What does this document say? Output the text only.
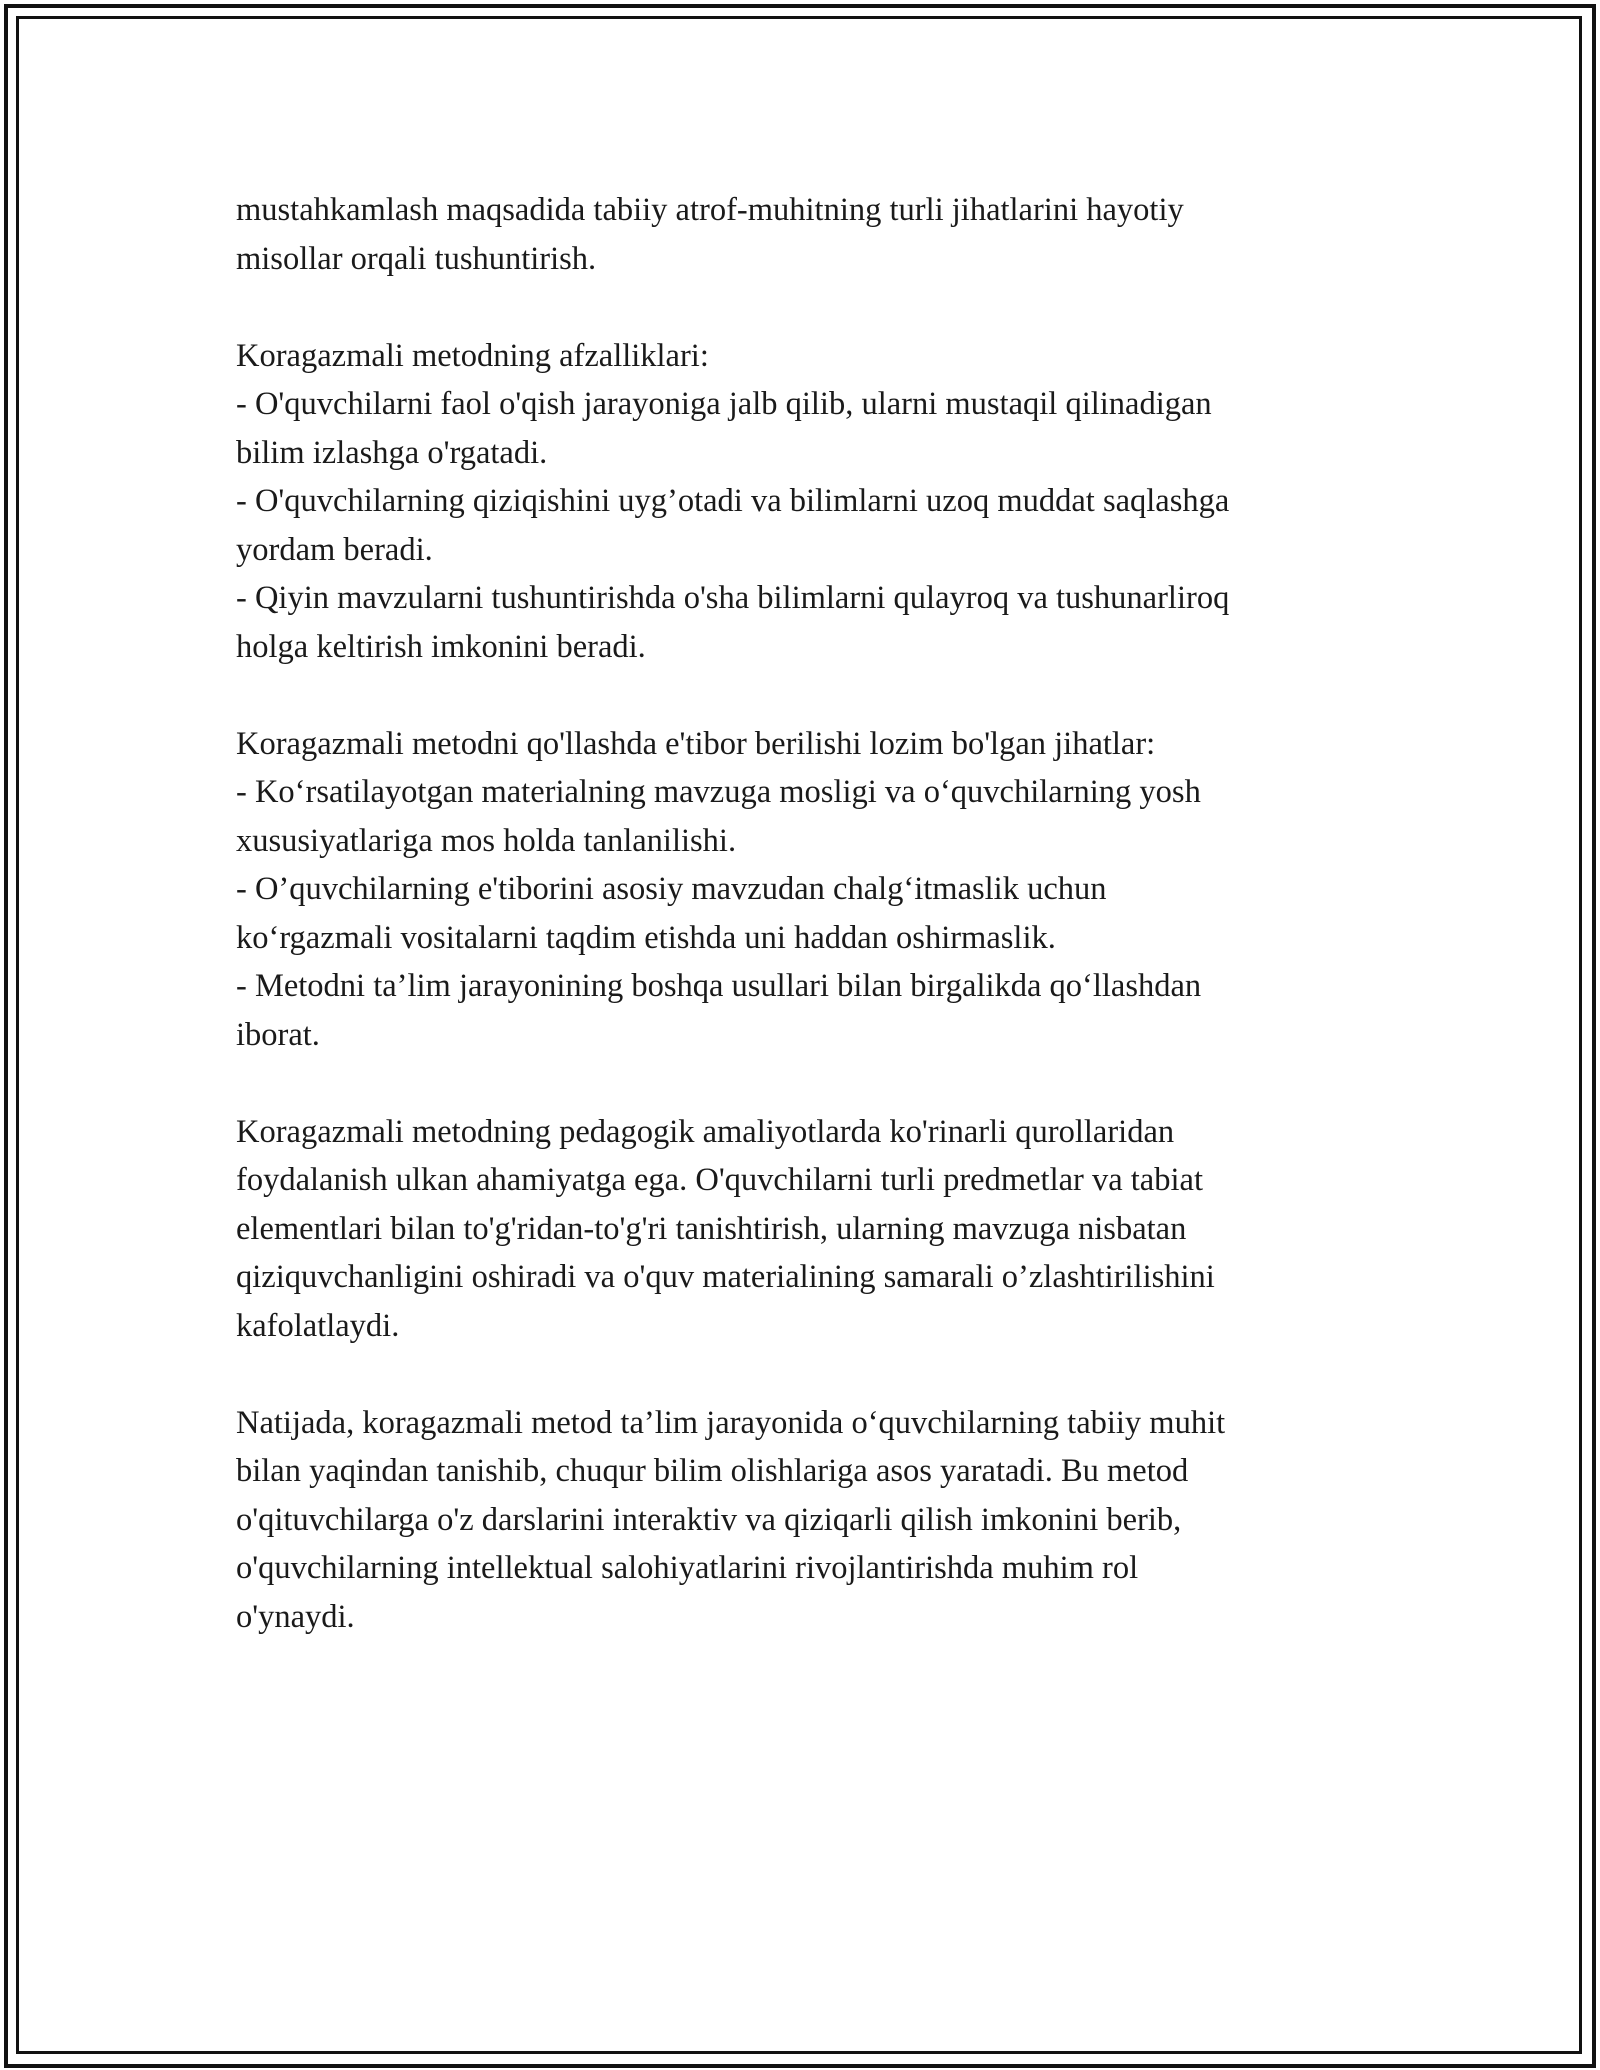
mustahkamlash maqsadida tabiiy atrof-muhitning turli jihatlarini hayotiy
misollar orqali tushuntirish.
Koragazmali metodning afzalliklari:
- O'quvchilarni faol o'qish jarayoniga jalb qilib, ularni mustaqil qilinadigan
bilim izlashga o'rgatadi.
- O'quvchilarning qiziqishini uyg’otadi va bilimlarni uzoq muddat saqlashga
yordam beradi.
- Qiyin mavzularni tushuntirishda o'sha bilimlarni qulayroq va tushunarliroq
holga keltirish imkonini beradi.
Koragazmali metodni qo'llashda e'tibor berilishi lozim bo'lgan jihatlar:
- Ko‘rsatilayotgan materialning mavzuga mosligi va o‘quvchilarning yosh
xususiyatlariga mos holda tanlanilishi.
- O’quvchilarning e'tiborini asosiy mavzudan chalg‘itmaslik uchun
ko‘rgazmali vositalarni taqdim etishda uni haddan oshirmaslik.
- Metodni ta’lim jarayonining boshqa usullari bilan birgalikda qo‘llashdan
iborat.
Koragazmali metodning pedagogik amaliyotlarda ko'rinarli qurollaridan
foydalanish ulkan ahamiyatga ega. O'quvchilarni turli predmetlar va tabiat
elementlari bilan to'g'ridan-to'g'ri tanishtirish, ularning mavzuga nisbatan
qiziquvchanligini oshiradi va o'quv materialining samarali o’zlashtirilishini
kafolatlaydi.
Natijada, koragazmali metod ta’lim jarayonida o‘quvchilarning tabiiy muhit
bilan yaqindan tanishib, chuqur bilim olishlariga asos yaratadi. Bu metod
o'qituvchilarga o'z darslarini interaktiv va qiziqarli qilish imkonini berib,
o'quvchilarning intellektual salohiyatlarini rivojlantirishda muhim rol
o'ynaydi.
